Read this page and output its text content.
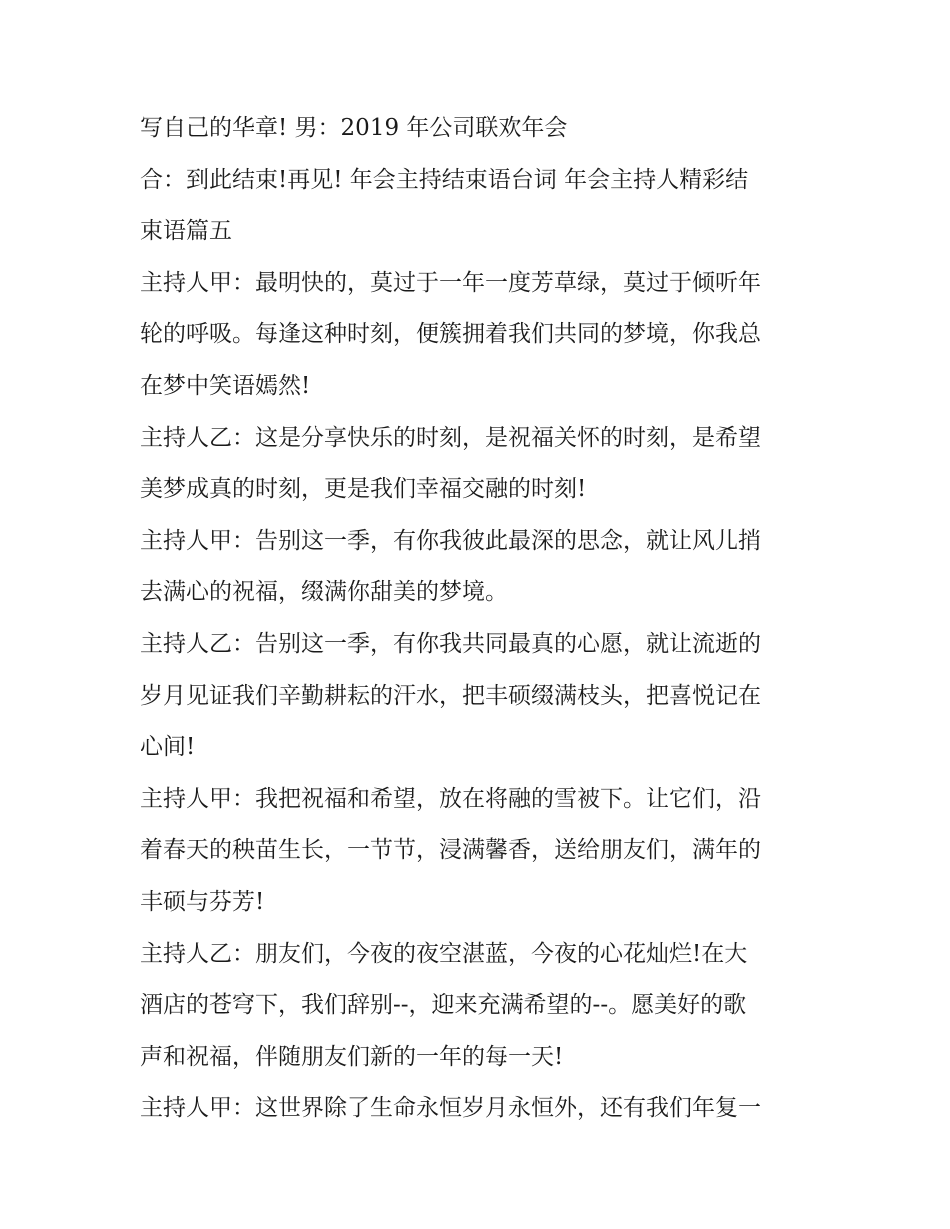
写自己的华章! 男：2019 年公司联欢年会
合：到此结束!再见! 年会主持结束语台词 年会主持人精彩结
束语篇五
主持人甲：最明快的，莫过于一年一度芳草绿，莫过于倾听年
轮的呼吸。每逢这种时刻，便簇拥着我们共同的梦境，你我总
在梦中笑语嫣然!
主持人乙：这是分享快乐的时刻，是祝福关怀的时刻，是希望
美梦成真的时刻，更是我们幸福交融的时刻!
主持人甲：告别这一季，有你我彼此最深的思念，就让风儿捎
去满心的祝福，缀满你甜美的梦境。
主持人乙：告别这一季，有你我共同最真的心愿，就让流逝的
岁月见证我们辛勤耕耘的汗水，把丰硕缀满枝头，把喜悦记在
心间!
主持人甲：我把祝福和希望，放在将融的雪被下。让它们，沿
着春天的秧苗生长，一节节，浸满馨香，送给朋友们，满年的
丰硕与芬芳!
主持人乙：朋友们，今夜的夜空湛蓝，今夜的心花灿烂!在大
酒店的苍穹下，我们辞别--，迎来充满希望的--。愿美好的歌
声和祝福，伴随朋友们新的一年的每一天!
主持人甲：这世界除了生命永恒岁月永恒外，还有我们年复一
